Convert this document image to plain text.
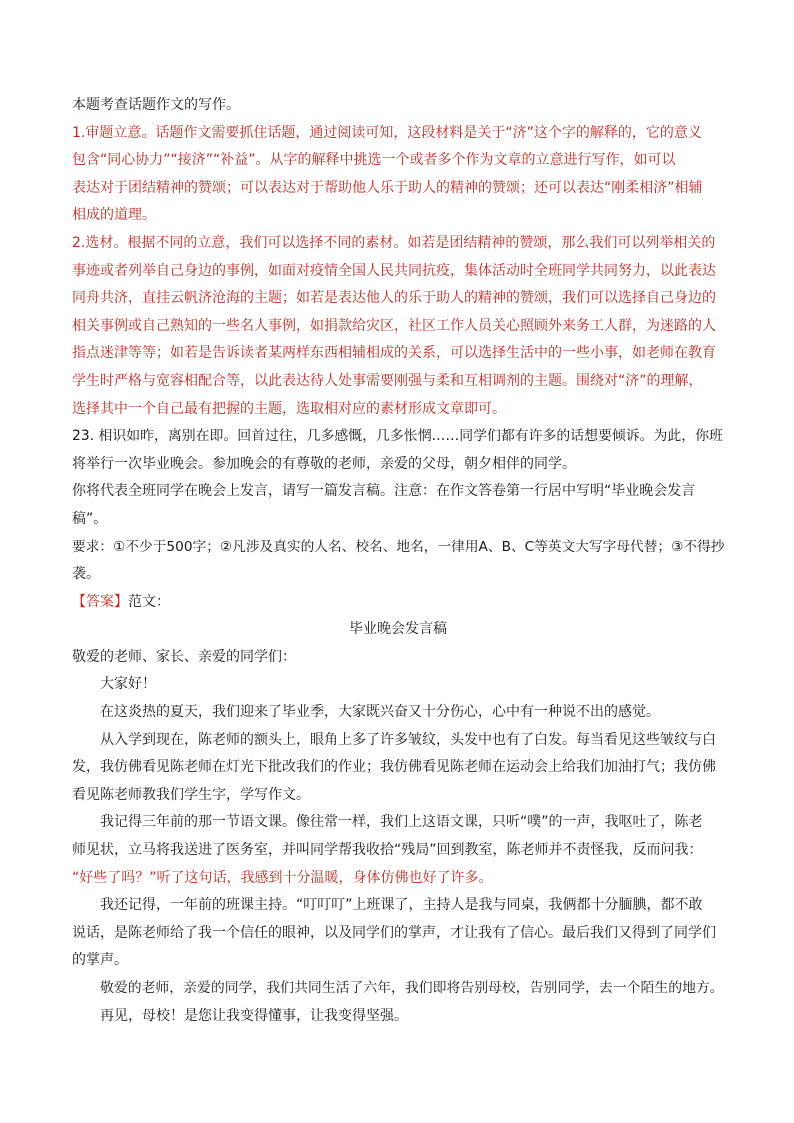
本题考查话题作文的写作。
1.审题立意。话题作文需要抓住话题，通过阅读可知，这段材料是关于“济”这个字的解释的，它的意义
包含“同心协力”“接济”“补益”。从字的解释中挑选一个或者多个作为文章的立意进行写作，如可以
表达对于团结精神的赞颂；可以表达对于帮助他人乐于助人的精神的赞颂；还可以表达“刚柔相济”相辅
相成的道理。
2.选材。根据不同的立意，我们可以选择不同的素材。如若是团结精神的赞颂，那么我们可以列举相关的
事迹或者列举自己身边的事例，如面对疫情全国人民共同抗疫，集体活动时全班同学共同努力，以此表达
同舟共济，直挂云帆济沧海的主题；如若是表达他人的乐于助人的精神的赞颂，我们可以选择自己身边的
相关事例或自己熟知的一些名人事例，如捐款给灾区，社区工作人员关心照顾外来务工人群，为迷路的人
指点迷津等等；如若是告诉读者某两样东西相辅相成的关系，可以选择生活中的一些小事，如老师在教育
学生时严格与宽容相配合等，以此表达待人处事需要刚强与柔和互相调剂的主题。围绕对“济”的理解，
选择其中一个自己最有把握的主题，选取相对应的素材形成文章即可。
23. 相识如昨，离别在即。回首过往，几多感慨，几多怅惘……同学们都有许多的话想要倾诉。为此，你班
将举行一次毕业晚会。参加晚会的有尊敬的老师，亲爱的父母，朝夕相伴的同学。
你将代表全班同学在晚会上发言，请写一篇发言稿。注意：在作文答卷第一行居中写明“毕业晚会发言
稿”。
要求：①不少于500字；②凡涉及真实的人名、校名、地名，一律用A、B、C等英文大写字母代替；③不得抄
袭。
【答案】范文：
毕业晚会发言稿
敬爱的老师、家长、亲爱的同学们：
大家好！
在这炎热的夏天，我们迎来了毕业季，大家既兴奋又十分伤心，心中有一种说不出的感觉。
从入学到现在，陈老师的额头上，眼角上多了许多皱纹，头发中也有了白发。每当看见这些皱纹与白
发，我仿佛看见陈老师在灯光下批改我们的作业；我仿佛看见陈老师在运动会上给我们加油打气；我仿佛
看见陈老师教我们学生字，学写作文。
我记得三年前的那一节语文课。像往常一样，我们上这语文课，只听“噗”的一声，我呕吐了，陈老
师见状，立马将我送进了医务室，并叫同学帮我收拾“残局”回到教室，陈老师并不责怪我，反而问我：
“好些了吗？”听了这句话，我感到十分温暖，身体仿佛也好了许多。
我还记得，一年前的班课主持。“叮叮叮”上班课了，主持人是我与同桌，我俩都十分腼腆，都不敢
说话，是陈老师给了我一个信任的眼神，以及同学们的掌声，才让我有了信心。最后我们又得到了同学们
的掌声。
敬爱的老师，亲爱的同学，我们共同生活了六年，我们即将告别母校，告别同学，去一个陌生的地方。
再见，母校！是您让我变得懂事，让我变得坚强。
